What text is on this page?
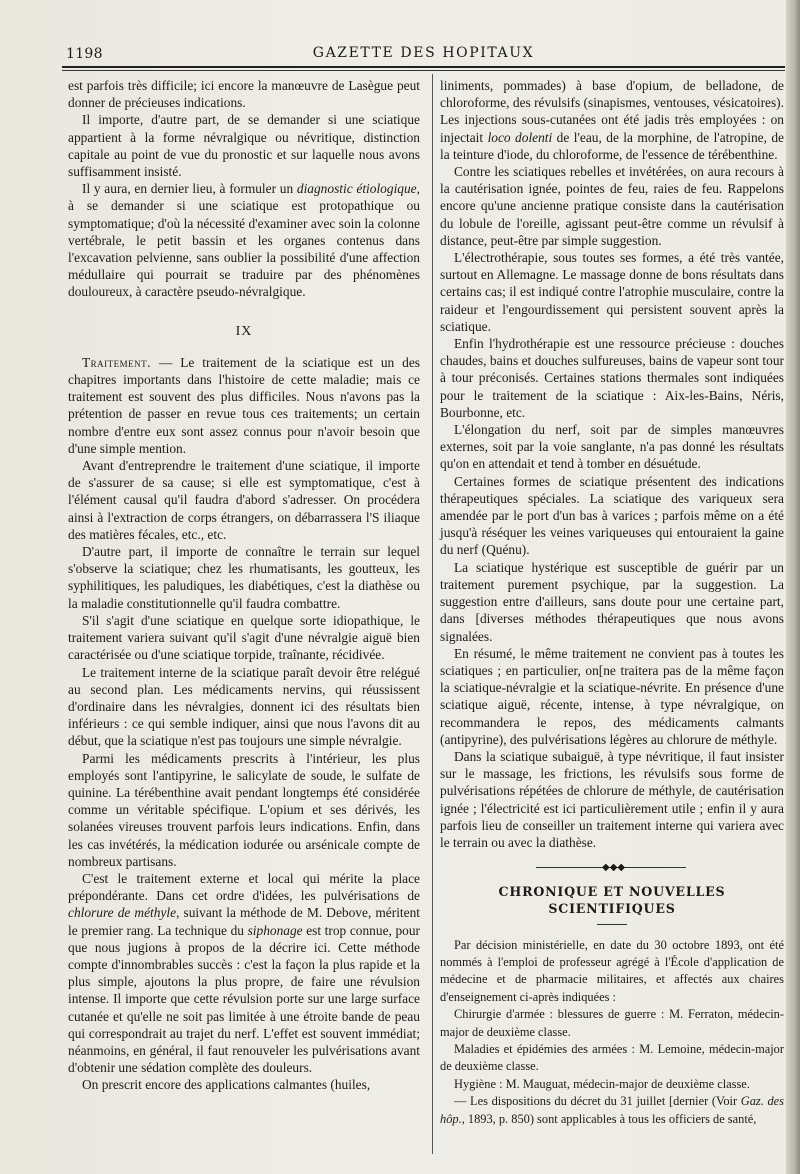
1198	GAZETTE DES HOPITAUX

est parfois très difficile; ici encore la manœuvre de Lasègue peut donner de précieuses indications.

Il importe, d'autre part, de se demander si une sciatique appartient à la forme névralgique ou névritique, distinction capitale au point de vue du pronostic et sur laquelle nous avons suffisamment insisté.

Il y aura, en dernier lieu, à formuler un diagnostic étiologique, à se demander si une sciatique est protopathique ou symptomatique; d'où la nécessité d'examiner avec soin la colonne vertébrale, le petit bassin et les organes contenus dans l'excavation pelvienne, sans oublier la possibilité d'une affection médullaire qui pourrait se traduire par des phénomènes douloureux, à caractère pseudo-névralgique.

IX

Traitement. — Le traitement de la sciatique est un des chapitres importants dans l'histoire de cette maladie; mais ce traitement est souvent des plus difficiles. Nous n'avons pas la prétention de passer en revue tous ces traitements; un certain nombre d'entre eux sont assez connus pour n'avoir besoin que d'une simple mention.

Avant d'entreprendre le traitement d'une sciatique, il importe de s'assurer de sa cause; si elle est symptomatique, c'est à l'élément causal qu'il faudra d'abord s'adresser. On procédera ainsi à l'extraction de corps étrangers, on débarrassera l'S iliaque des matières fécales, etc., etc.

D'autre part, il importe de connaître le terrain sur lequel s'observe la sciatique; chez les rhumatisants, les goutteux, les syphilitiques, les paludiques, les diabétiques, c'est la diathèse ou la maladie constitutionnelle qu'il faudra combattre.

S'il s'agit d'une sciatique en quelque sorte idiopathique, le traitement variera suivant qu'il s'agit d'une névralgie aiguë bien caractérisée ou d'une sciatique torpide, traînante, récidivée.

Le traitement interne de la sciatique paraît devoir être relégué au second plan. Les médicaments nervins, qui réussissent d'ordinaire dans les névralgies, donnent ici des résultats bien inférieurs : ce qui semble indiquer, ainsi que nous l'avons dit au début, que la sciatique n'est pas toujours une simple névralgie.

Parmi les médicaments prescrits à l'intérieur, les plus employés sont l'antipyrine, le salicylate de soude, le sulfate de quinine. La térébenthine avait pendant longtemps été considérée comme un véritable spécifique. L'opium et ses dérivés, les solanées vireuses trouvent parfois leurs indications. Enfin, dans les cas invétérés, la médication iodurée ou arsénicale compte de nombreux partisans.

C'est le traitement externe et local qui mérite la place prépondérante. Dans cet ordre d'idées, les pulvérisations de chlorure de méthyle, suivant la méthode de M. Debove, méritent le premier rang. La technique du siphonage est trop connue, pour que nous jugions à propos de la décrire ici. Cette méthode compte d'innombrables succès : c'est la façon la plus rapide et la plus simple, ajoutons la plus propre, de faire une révulsion intense. Il importe que cette révulsion porte sur une large surface cutanée et qu'elle ne soit pas limitée à une étroite bande de peau qui correspondrait au trajet du nerf. L'effet est souvent immédiat; néanmoins, en général, il faut renouveler les pulvérisations avant d'obtenir une sédation complète des douleurs.

On prescrit encore des applications calmantes (huiles,

liniments, pommades) à base d'opium, de belladone, de chloroforme, des révulsifs (sinapismes, ventouses, vésicatoires). Les injections sous-cutanées ont été jadis très employées : on injectait loco dolenti de l'eau, de la morphine, de l'atropine, de la teinture d'iode, du chloroforme, de l'essence de térébenthine.

Contre les sciatiques rebelles et invétérées, on aura recours à la cautérisation ignée, pointes de feu, raies de feu. Rappelons encore qu'une ancienne pratique consiste dans la cautérisation du lobule de l'oreille, agissant peut-être comme un révulsif à distance, peut-être par simple suggestion.

L'électrothérapie, sous toutes ses formes, a été très vantée, surtout en Allemagne. Le massage donne de bons résultats dans certains cas; il est indiqué contre l'atrophie musculaire, contre la raideur et l'engourdissement qui persistent souvent après la sciatique.

Enfin l'hydrothérapie est une ressource précieuse : douches chaudes, bains et douches sulfureuses, bains de vapeur sont tour à tour préconisés. Certaines stations thermales sont indiquées pour le traitement de la sciatique : Aix-les-Bains, Néris, Bourbonne, etc.

L'élongation du nerf, soit par de simples manœuvres externes, soit par la voie sanglante, n'a pas donné les résultats qu'on en attendait et tend à tomber en désuétude.

Certaines formes de sciatique présentent des indications thérapeutiques spéciales. La sciatique des variqueux sera amendée par le port d'un bas à varices ; parfois même on a été jusqu'à réséquer les veines variqueuses qui entouraient la gaine du nerf (Quénu).

La sciatique hystérique est susceptible de guérir par un traitement purement psychique, par la suggestion. La suggestion entre d'ailleurs, sans doute pour une certaine part, dans [diverses méthodes thérapeutiques que nous avons signalées.

En résumé, le même traitement ne convient pas à toutes les sciatiques ; en particulier, on[ne traitera pas de la même façon la sciatique-névralgie et la sciatique-névrite. En présence d'une sciatique aiguë, récente, intense, à type névralgique, on recommandera le repos, des médicaments calmants (antipyrine), des pulvérisations légères au chlorure de méthyle.

Dans la sciatique subaiguë, à type névritique, il faut insister sur le massage, les frictions, les révulsifs sous forme de pulvérisations répétées de chlorure de méthyle, de cautérisation ignée ; l'électricité est ici particulièrement utile ; enfin il y aura parfois lieu de conseiller un traitement interne qui variera avec le terrain ou avec la diathèse.

◆◆◆
CHRONIQUE ET NOUVELLES SCIENTIFIQUES

Par décision ministérielle, en date du 30 octobre 1893, ont été nommés à l'emploi de professeur agrégé à l'École d'application de médecine et de pharmacie militaires, et affectés aux chaires d'enseignement ci-après indiquées :

Chirurgie d'armée : blessures de guerre : M. Ferraton, médecin-major de deuxième classe.

Maladies et épidémies des armées : M. Lemoine, médecin-major de deuxième classe.

Hygiène : M. Mauguat, médecin-major de deuxième classe.

— Les dispositions du décret du 31 juillet [dernier (Voir Gaz. des hôp., 1893, p. 850) sont applicables à tous les officiers de santé,
